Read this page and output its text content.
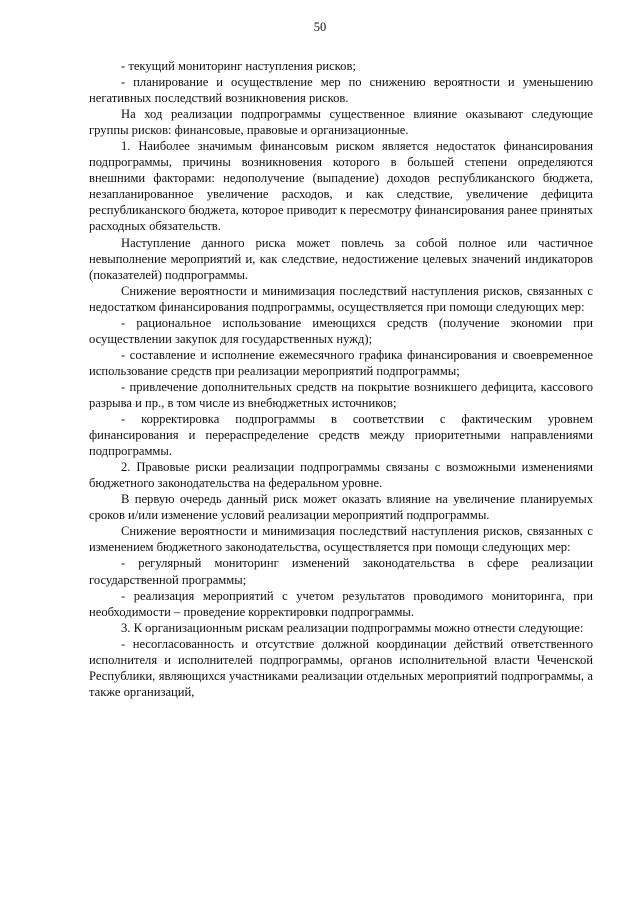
50

- текущий мониторинг наступления рисков;

- планирование и осуществление мер по снижению вероятности и уменьшению негативных последствий возникновения рисков.

На ход реализации подпрограммы существенное влияние оказывают следующие группы рисков: финансовые, правовые и организационные.

1. Наиболее значимым финансовым риском является недостаток финансирования подпрограммы, причины возникновения которого в большей степени определяются внешними факторами: недополучение (выпадение) доходов республиканского бюджета, незапланированное увеличение расходов, и как следствие, увеличение дефицита республиканского бюджета, которое приводит к пересмотру финансирования ранее принятых расходных обязательств.

Наступление данного риска может повлечь за собой полное или частичное невыполнение мероприятий и, как следствие, недостижение целевых значений индикаторов (показателей) подпрограммы.

Снижение вероятности и минимизация последствий наступления рисков, связанных с недостатком финансирования подпрограммы, осуществляется при помощи следующих мер:

- рациональное использование имеющихся средств (получение экономии при осуществлении закупок для государственных нужд);

- составление и исполнение ежемесячного графика финансирования и своевременное использование средств при реализации мероприятий подпрограммы;

- привлечение дополнительных средств на покрытие возникшего дефицита, кассового разрыва и пр., в том числе из внебюджетных источников;

- корректировка подпрограммы в соответствии с фактическим уровнем финансирования и перераспределение средств между приоритетными направлениями подпрограммы.

2. Правовые риски реализации подпрограммы связаны с возможными изменениями бюджетного законодательства на федеральном уровне.

В первую очередь данный риск может оказать влияние на увеличение планируемых сроков и/или изменение условий реализации мероприятий подпрограммы.

Снижение вероятности и минимизация последствий наступления рисков, связанных с изменением бюджетного законодательства, осуществляется при помощи следующих мер:

- регулярный мониторинг изменений законодательства в сфере реализации государственной программы;

- реализация мероприятий с учетом результатов проводимого мониторинга, при необходимости – проведение корректировки подпрограммы.

3. К организационным рискам реализации подпрограммы можно отнести следующие:

- несогласованность и отсутствие должной координации действий ответственного исполнителя и исполнителей подпрограммы, органов исполнительной власти Чеченской Республики, являющихся участниками реализации отдельных мероприятий подпрограммы, а также организаций,
